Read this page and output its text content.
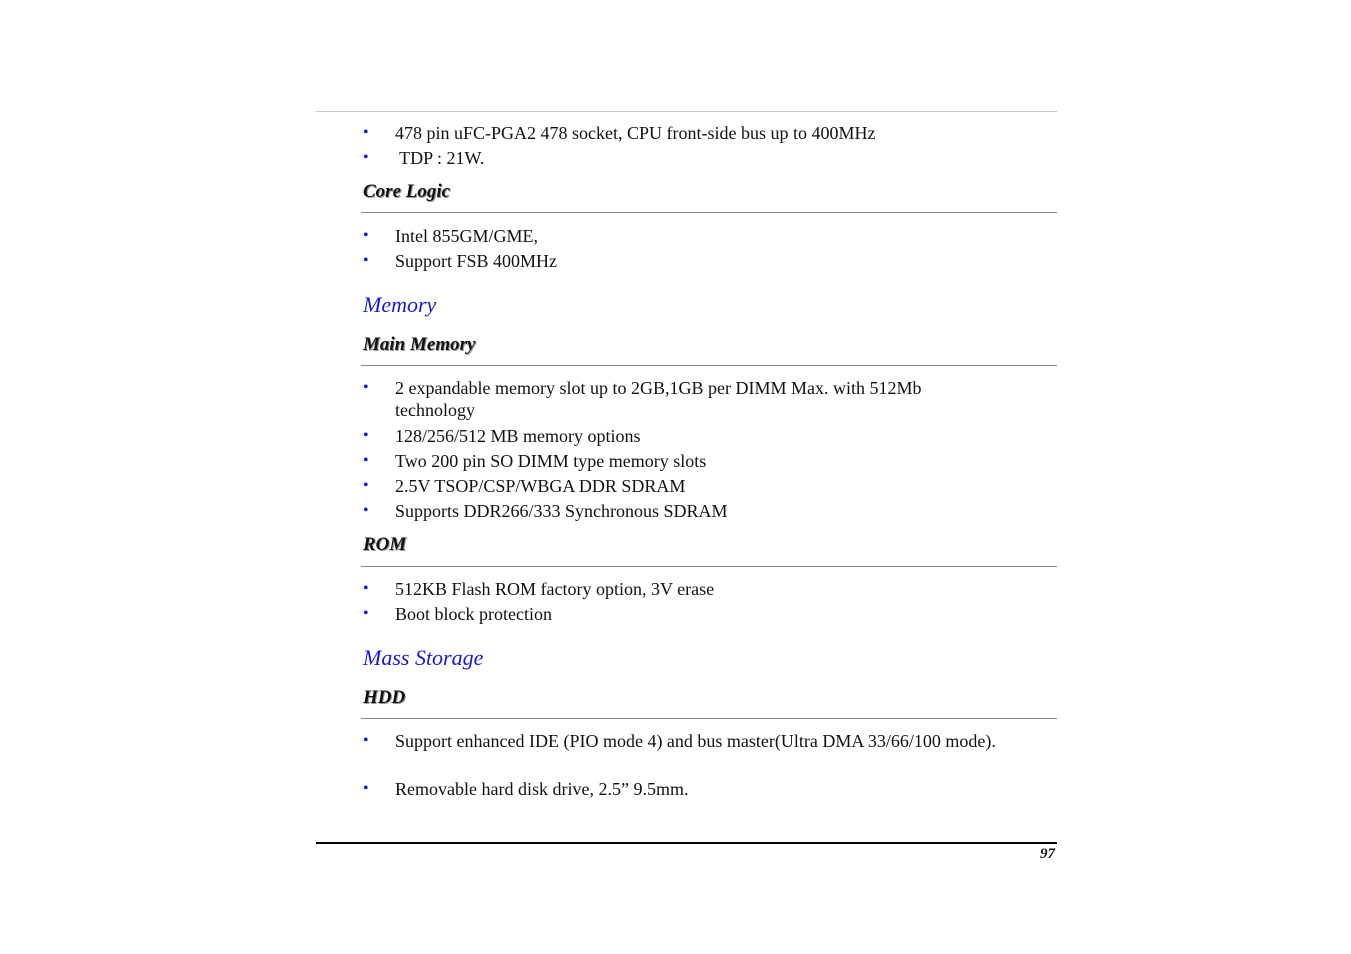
•	478 pin uFC-PGA2 478 socket, CPU front-side bus up to 400MHz
•	TDP : 21W.
Core Logic
•	Intel 855GM/GME,
•	Support FSB 400MHz
Memory
Main Memory
•	2 expandable memory slot up to 2GB,1GB per DIMM Max. with 512Mb technology
•	128/256/512 MB memory options
•	Two 200 pin SO DIMM type memory slots
•	2.5V TSOP/CSP/WBGA DDR SDRAM
•	Supports DDR266/333 Synchronous SDRAM
ROM
•	512KB Flash ROM factory option, 3V erase
•	Boot block protection
Mass Storage
HDD
•	Support enhanced IDE (PIO mode 4) and bus master(Ultra DMA 33/66/100 mode).
•	Removable hard disk drive, 2.5” 9.5mm.
97
